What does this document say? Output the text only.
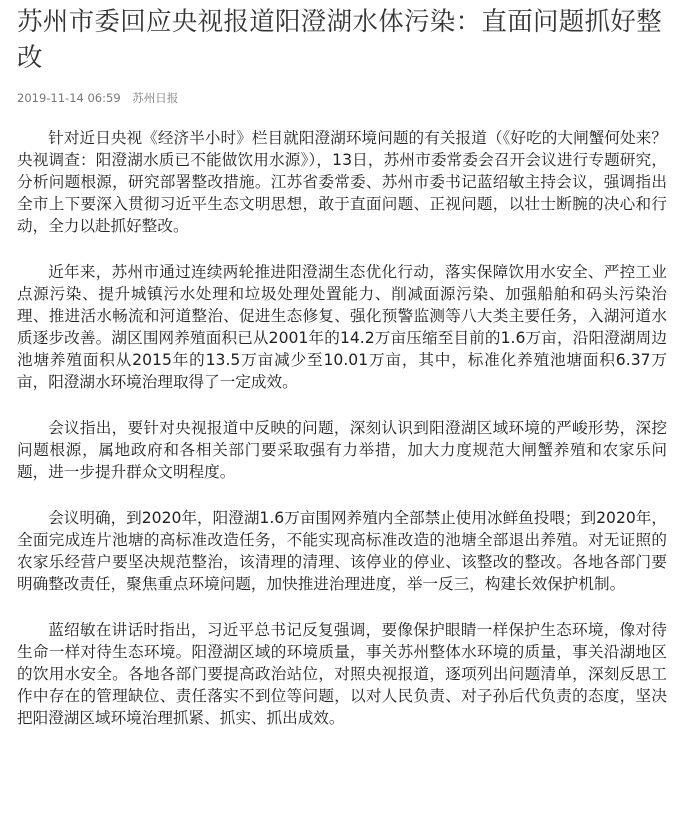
苏州市委回应央视报道阳澄湖水体污染：直面问题抓好整改
2019-11-14 06:59 苏州日报

针对近日央视《经济半小时》栏目就阳澄湖环境问题的有关报道（《好吃的大闸蟹何处来？央视调查：阳澄湖水质已不能做饮用水源》），13日，苏州市委常委会召开会议进行专题研究，分析问题根源，研究部署整改措施。江苏省委常委、苏州市委书记蓝绍敏主持会议，强调指出全市上下要深入贯彻习近平生态文明思想，敢于直面问题、正视问题，以壮士断腕的决心和行动，全力以赴抓好整改。

近年来，苏州市通过连续两轮推进阳澄湖生态优化行动，落实保障饮用水安全、严控工业点源污染、提升城镇污水处理和垃圾处理处置能力、削减面源污染、加强船舶和码头污染治理、推进活水畅流和河道整治、促进生态修复、强化预警监测等八大类主要任务，入湖河道水质逐步改善。湖区围网养殖面积已从2001年的14.2万亩压缩至目前的1.6万亩，沿阳澄湖周边池塘养殖面积从2015年的13.5万亩减少至10.01万亩，其中，标准化养殖池塘面积6.37万亩，阳澄湖水环境治理取得了一定成效。

会议指出，要针对央视报道中反映的问题，深刻认识到阳澄湖区域环境的严峻形势，深挖问题根源，属地政府和各相关部门要采取强有力举措，加大力度规范大闸蟹养殖和农家乐问题，进一步提升群众文明程度。

会议明确，到2020年，阳澄湖1.6万亩围网养殖内全部禁止使用冰鲜鱼投喂；到2020年，全面完成连片池塘的高标准改造任务，不能实现高标准改造的池塘全部退出养殖。对无证照的农家乐经营户要坚决规范整治，该清理的清理、该停业的停业、该整改的整改。各地各部门要明确整改责任，聚焦重点环境问题，加快推进治理进度，举一反三，构建长效保护机制。

蓝绍敏在讲话时指出，习近平总书记反复强调，要像保护眼睛一样保护生态环境，像对待生命一样对待生态环境。阳澄湖区域的环境质量，事关苏州整体水环境的质量，事关沿湖地区的饮用水安全。各地各部门要提高政治站位，对照央视报道，逐项列出问题清单，深刻反思工作中存在的管理缺位、责任落实不到位等问题，以对人民负责、对子孙后代负责的态度，坚决把阳澄湖区域环境治理抓紧、抓实、抓出成效。
